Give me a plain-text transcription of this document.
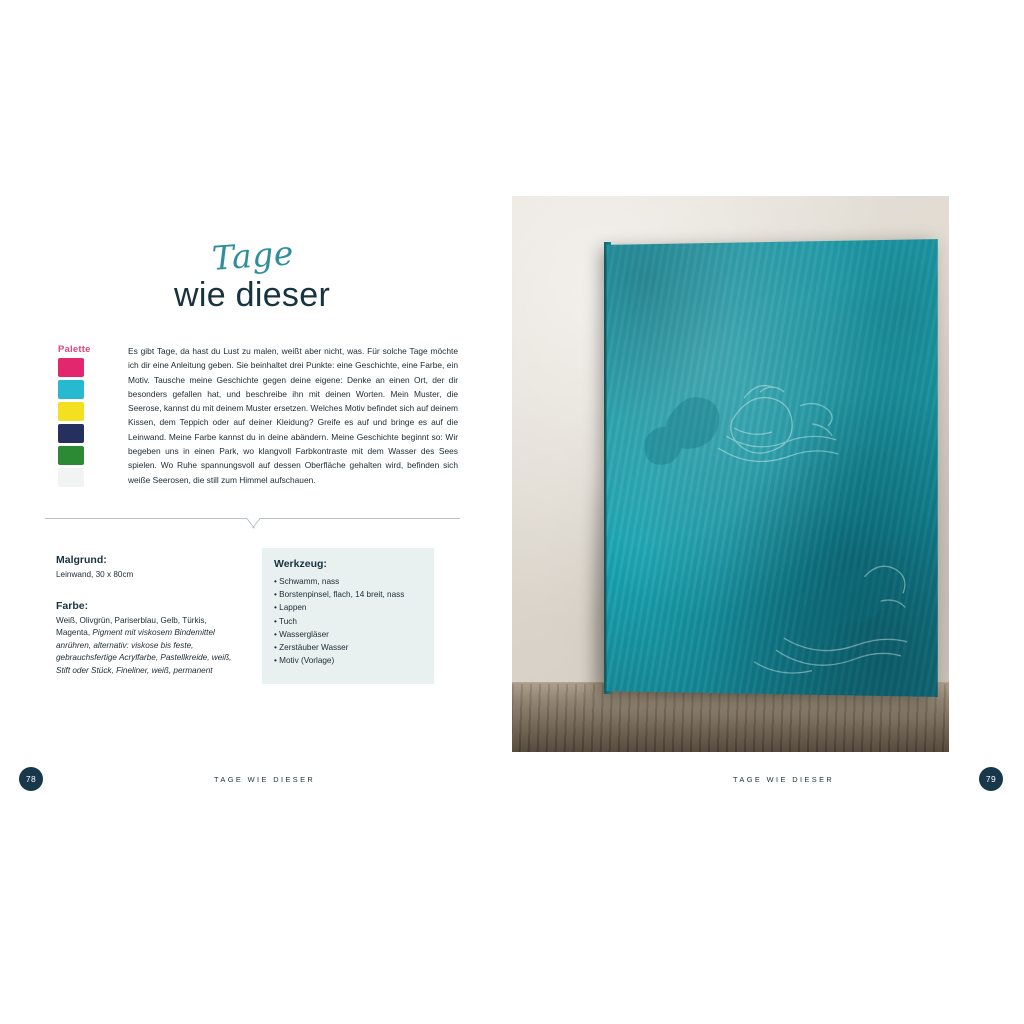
Tage
wie dieser
Palette	Es gibt Tage, da hast du Lust zu malen, weißt aber nicht, was. Für solche Tage möchte ich dir eine Anleitung geben. Sie beinhaltet drei Punkte: eine Geschichte, eine Farbe, ein Motiv. Tausche meine Geschichte gegen deine eigene: Denke an einen Ort, der dir besonders gefallen hat, und beschreibe ihn mit deinen Worten. Mein Muster, die Seerose, kannst du mit deinem Muster ersetzen. Welches Motiv befindet sich auf deinem Kissen, dem Teppich oder auf deiner Kleidung? Greife es auf und bringe es auf die Leinwand. Meine Farbe kannst du in deine abändern. Meine Geschichte beginnt so: Wir begeben uns in einen Park, wo klangvoll Farbkontraste mit dem Wasser des Sees spielen. Wo Ruhe spannungsvoll auf dessen Oberfläche gehalten wird, befinden sich weiße Seerosen, die still zum Himmel aufschauen.
Malgrund:
Leinwand, 30 x 80cm
Farbe:
Weiß, Olivgrün, Pariserblau, Gelb, Türkis, Magenta, Pigment mit viskosem Bindemittel anrühren, alternativ: viskose bis feste, gebrauchsfertige Acrylfarbe, Pastellkreide, weiß, Stift oder Stück, Fineliner, weiß, permanent
Werkzeug:
• Schwamm, nass
• Borstenpinsel, flach, 14 breit, nass
• Lappen
• Tuch
• Wassergläser
• Zerstäuber Wasser
• Motiv (Vorlage)
78	TAGE WIE DIESER	TAGE WIE DIESER	79
